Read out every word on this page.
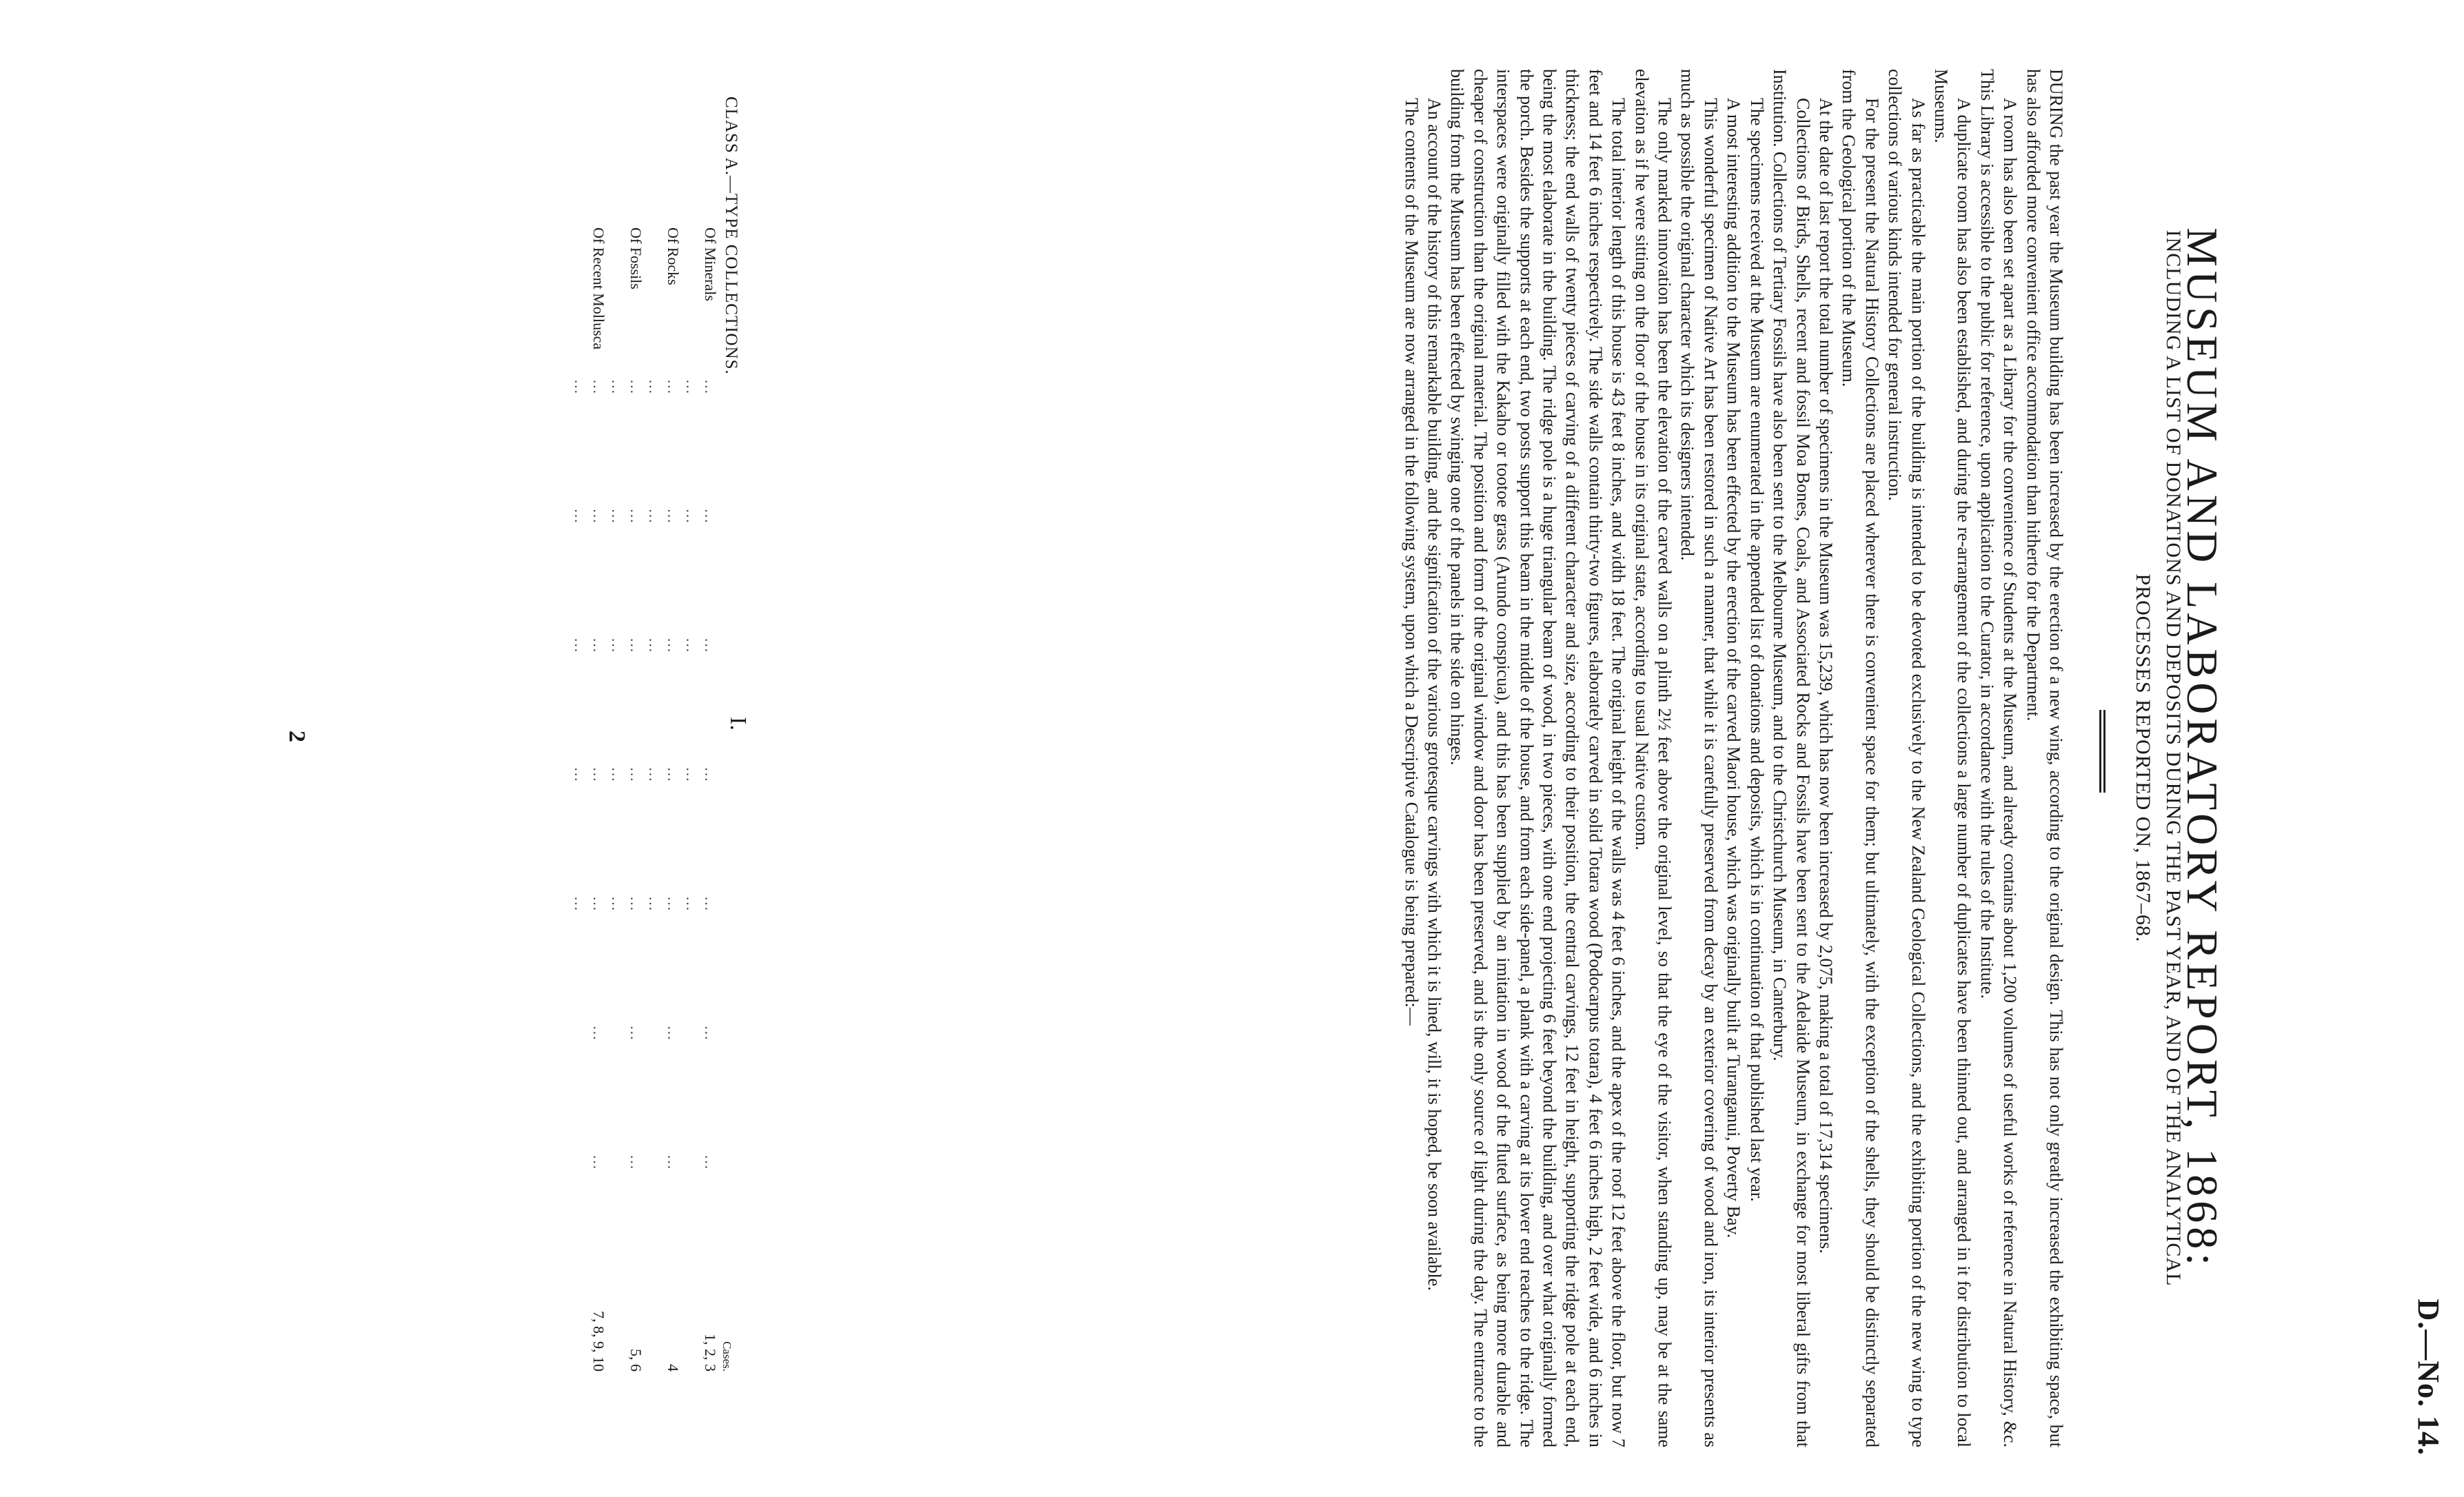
D.—No. 14.
MUSEUM AND LABORATORY REPORT, 1868:
INCLUDING A LIST OF DONATIONS AND DEPOSITS DURING THE PAST YEAR, AND OF THE ANALYTICAL PROCESSES REPORTED ON, 1867–68.

DURING the past year the Museum building has been increased by the erection of a new wing, according to the original design. This has not only greatly increased the exhibiting space, but has also afforded more convenient office accommodation than hitherto for the Department.

A room has also been set apart as a Library for the convenience of Students at the Museum, and already contains about 1,200 volumes of useful works of reference in Natural History, &c. This Library is accessible to the public for reference, upon application to the Curator, in accordance with the rules of the Institute.

A duplicate room has also been established, and during the re-arrangement of the collections a large number of duplicates have been thinned out, and arranged in it for distribution to local Museums.

As far as practicable the main portion of the building is intended to be devoted exclusively to the New Zealand Geological Collections, and the exhibiting portion of the new wing to type collections of various kinds intended for general instruction.

For the present the Natural History Collections are placed wherever there is convenient space for them; but ultimately, with the exception of the shells, they should be distinctly separated from the Geological portion of the Museum.

At the date of last report the total number of specimens in the Museum was 15,239, which has now been increased by 2,075, making a total of 17,314 specimens.

Collections of Birds, Shells, recent and fossil Moa Bones, Coals, and Associated Rocks and Fossils have been sent to the Adelaide Museum, in exchange for most liberal gifts from that Institution. Collections of Tertiary Fossils have also been sent to the Melbourne Museum, and to the Christchurch Museum, in Canterbury.

The specimens received at the Museum are enumerated in the appended list of donations and deposits, which is in continuation of that published last year.

A most interesting addition to the Museum has been effected by the erection of the carved Maori house, which was originally built at Turanganui, Poverty Bay.

This wonderful specimen of Native Art has been restored in such a manner, that while it is carefully preserved from decay by an exterior covering of wood and iron, its interior presents as much as possible the original character which its designers intended.

The only marked innovation has been the elevation of the carved walls on a plinth 2½ feet above the original level, so that the eye of the visitor, when standing up, may be at the same elevation as if he were sitting on the floor of the house in its original state, according to usual Native custom.

The total interior length of this house is 43 feet 8 inches, and width 18 feet. The original height of the walls was 4 feet 6 inches, and the apex of the roof 12 feet above the floor, but now 7 feet and 14 feet 6 inches respectively. The side walls contain thirty-two figures, elaborately carved in solid Totara wood (Podocarpus totara), 4 feet 6 inches high, 2 feet wide, and 6 inches in thickness; the end walls of twenty pieces of carving of a different character and size, according to their position, the central carvings, 12 feet in height, supporting the ridge pole at each end, being the most elaborate in the building. The ridge pole is a huge triangular beam of wood, in two pieces, with one end projecting 6 feet beyond the building, and over what originally formed the porch. Besides the supports at each end, two posts support this beam in the middle of the house, and from each side-panel, a plank with a carving at its lower end reaches to the ridge. The interspaces were originally filled with the Kakaho or tootoe grass (Arundo conspicua), and this has been supplied by an imitation in wood of the fluted surface, as being more durable and cheaper of construction than the original material. The position and form of the original window and door has been preserved, and is the only source of light during the day. The entrance to the building from the Museum has been effected by swinging one of the panels in the side on hinges.

An account of the history of this remarkable building, and the signification of the various grotesque carvings with which it is lined, will, it is hoped, be soon available.

The contents of the Museum are now arranged in the following system, upon which a Descriptive Catalogue is being prepared:—

I.
CLASS A.—TYPE COLLECTIONS.
Cases.
Of Minerals
… … … … … … … … … … … …
1, 2, 3
Of Rocks
… … … … … … … … … … … …
4
Of Fossils
… … … … … … … … … … … …
5, 6
Of Recent Mollusca
… … … … … … … … … … … …
7, 8, 9, 10
2
